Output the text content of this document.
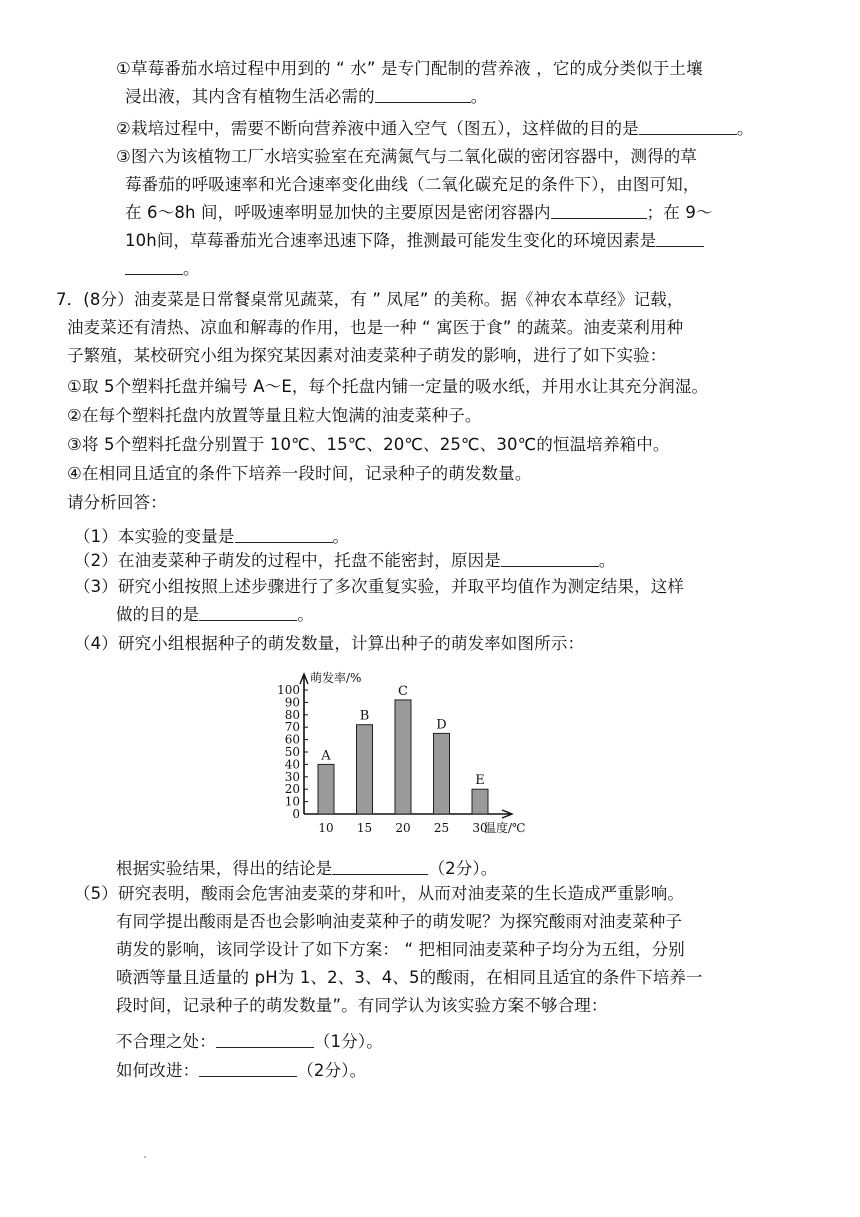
①草莓番茄水培过程中用到的 “ 水” 是专门配制的营养液 ，它的成分类似于土壤
浸出液，其内含有植物生活必需的	。
②栽培过程中，需要不断向营养液中通入空气（图五），这样做的目的是	。
③图六为该植物工厂水培实验室在充满氮气与二氧化碳的密闭容器中，测得的草
莓番茄的呼吸速率和光合速率变化曲线（二氧化碳充足的条件下），由图可知，
在 6～8h 间，呼吸速率明显加快的主要原因是密闭容器内	；在 9～
10h间，草莓番茄光合速率迅速下降，推测最可能发生变化的环境因素是
。
7．(8分）油麦菜是日常餐桌常见蔬菜，有 ” 凤尾” 的美称。据《神农本草经》记载，
油麦菜还有清热、凉血和解毒的作用，也是一种 “ 寓医于食” 的蔬菜。油麦菜利用种
子繁殖，某校研究小组为探究某因素对油麦菜种子萌发的影响，进行了如下实验：
①取 5个塑料托盘并编号 A～E，每个托盘内铺一定量的吸水纸，并用水让其充分润湿。
②在每个塑料托盘内放置等量且粒大饱满的油麦菜种子。
③将 5个塑料托盘分别置于 10℃、15℃、20℃、25℃、30℃的恒温培养箱中。
④在相同且适宜的条件下培养一段时间，记录种子的萌发数量。
请分析回答：
（1）本实验的变量是	。
（2）在油麦菜种子萌发的过程中，托盘不能密封，原因是	。
（3）研究小组按照上述步骤进行了多次重复实验，并取平均值作为测定结果，这样
做的目的是	。
（4）研究小组根据种子的萌发数量，计算出种子的萌发率如图所示：
0
10
20
30
40
50
60
70
80
90
100
萌发率/%
温度/℃
A
10
B
15
C
20
D
25
E
30
根据实验结果，得出的结论是	（2分）。
（5）研究表明，酸雨会危害油麦菜的芽和叶，从而对油麦菜的生长造成严重影响。
有同学提出酸雨是否也会影响油麦菜种子的萌发呢？为探究酸雨对油麦菜种子
萌发的影响，该同学设计了如下方案： “ 把相同油麦菜种子均分为五组，分别
喷洒等量且适量的 pH为 1、2、3、4、5的酸雨，在相同且适宜的条件下培养一
段时间，记录种子的萌发数量”。有同学认为该实验方案不够合理：
不合理之处：	（1分）。
如何改进：	（2分）。
